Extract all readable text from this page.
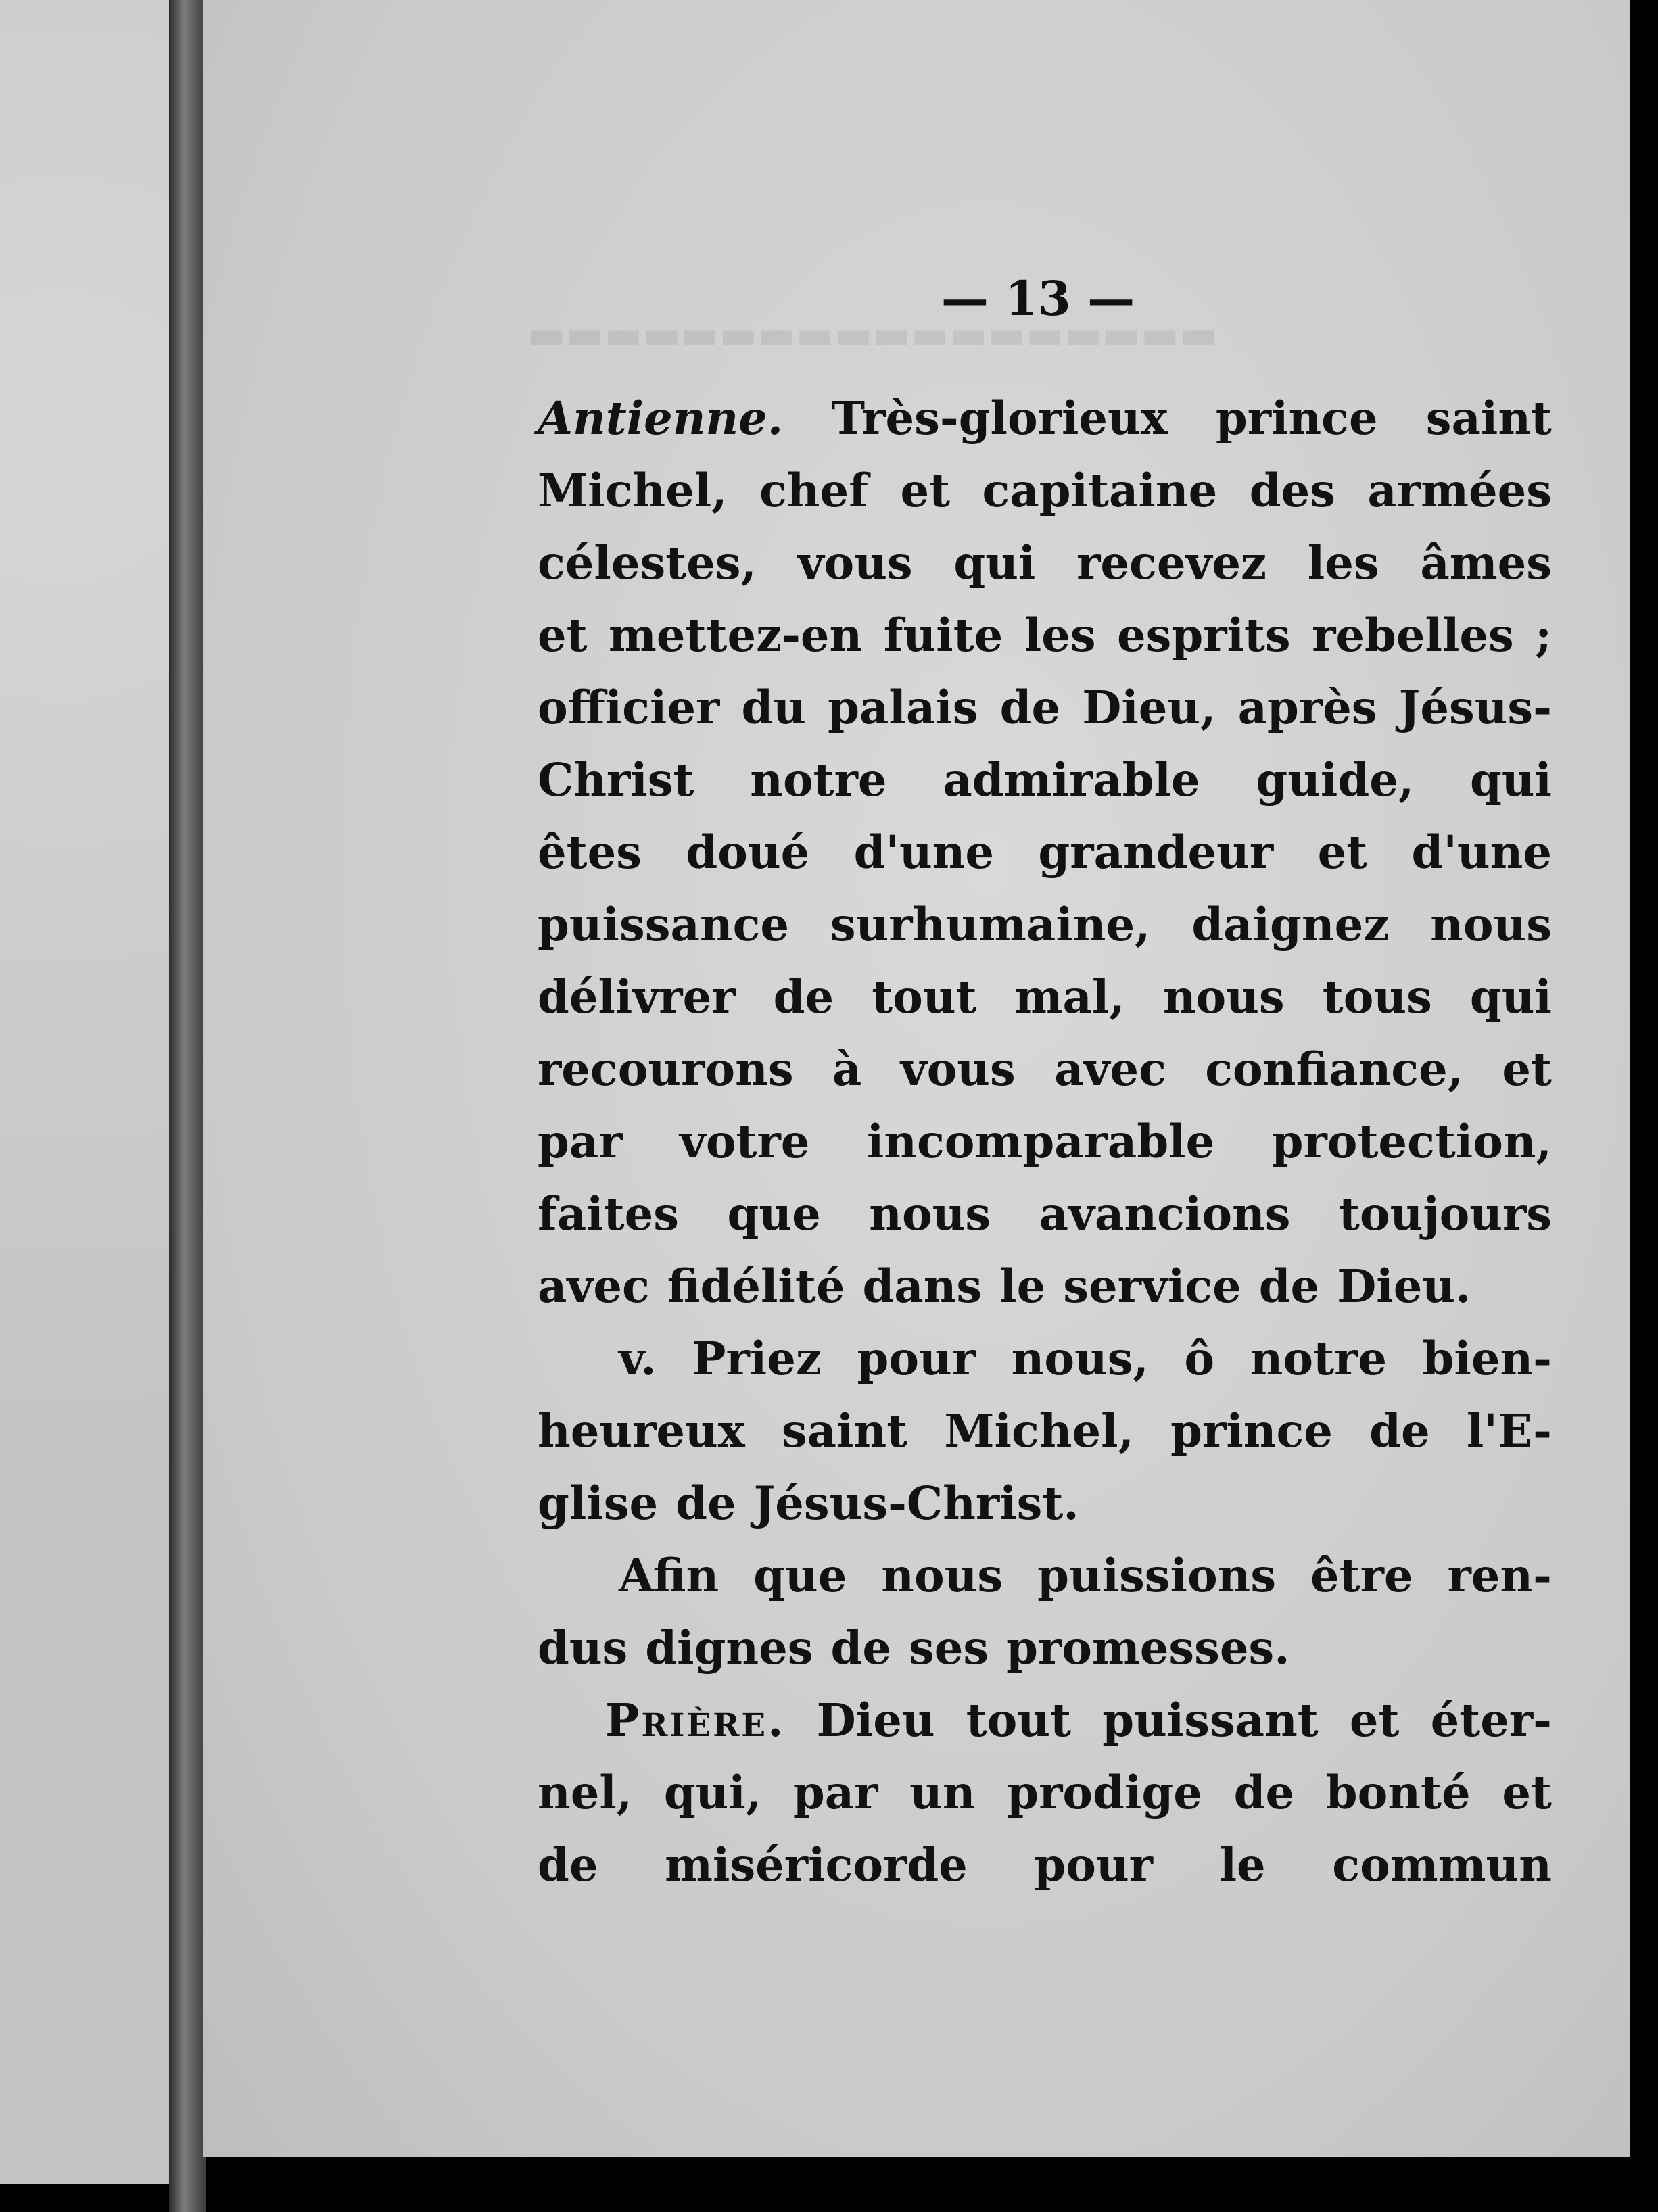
▬▬▬▬▬▬▬▬▬▬▬▬▬▬▬▬▬▬
— 13 —
Antienne. Très-glorieux prince saint
Michel, chef et capitaine des armées
célestes, vous qui recevez les âmes
et mettez-en fuite les esprits rebelles ;
officier du palais de Dieu, après Jésus-
Christ notre admirable guide, qui
êtes doué d'une grandeur et d'une
puissance surhumaine, daignez nous
délivrer de tout mal, nous tous qui
recourons à vous avec confiance, et
par votre incomparable protection,
faites que nous avancions toujours
avec fidélité dans le service de Dieu.
v. Priez pour nous, ô notre bien-
heureux saint Michel, prince de l'E-
glise de Jésus-Christ.
Afin que nous puissions être ren-
dus dignes de ses promesses.
Prière. Dieu tout puissant et éter-
nel, qui, par un prodige de bonté et
de miséricorde pour le commun
